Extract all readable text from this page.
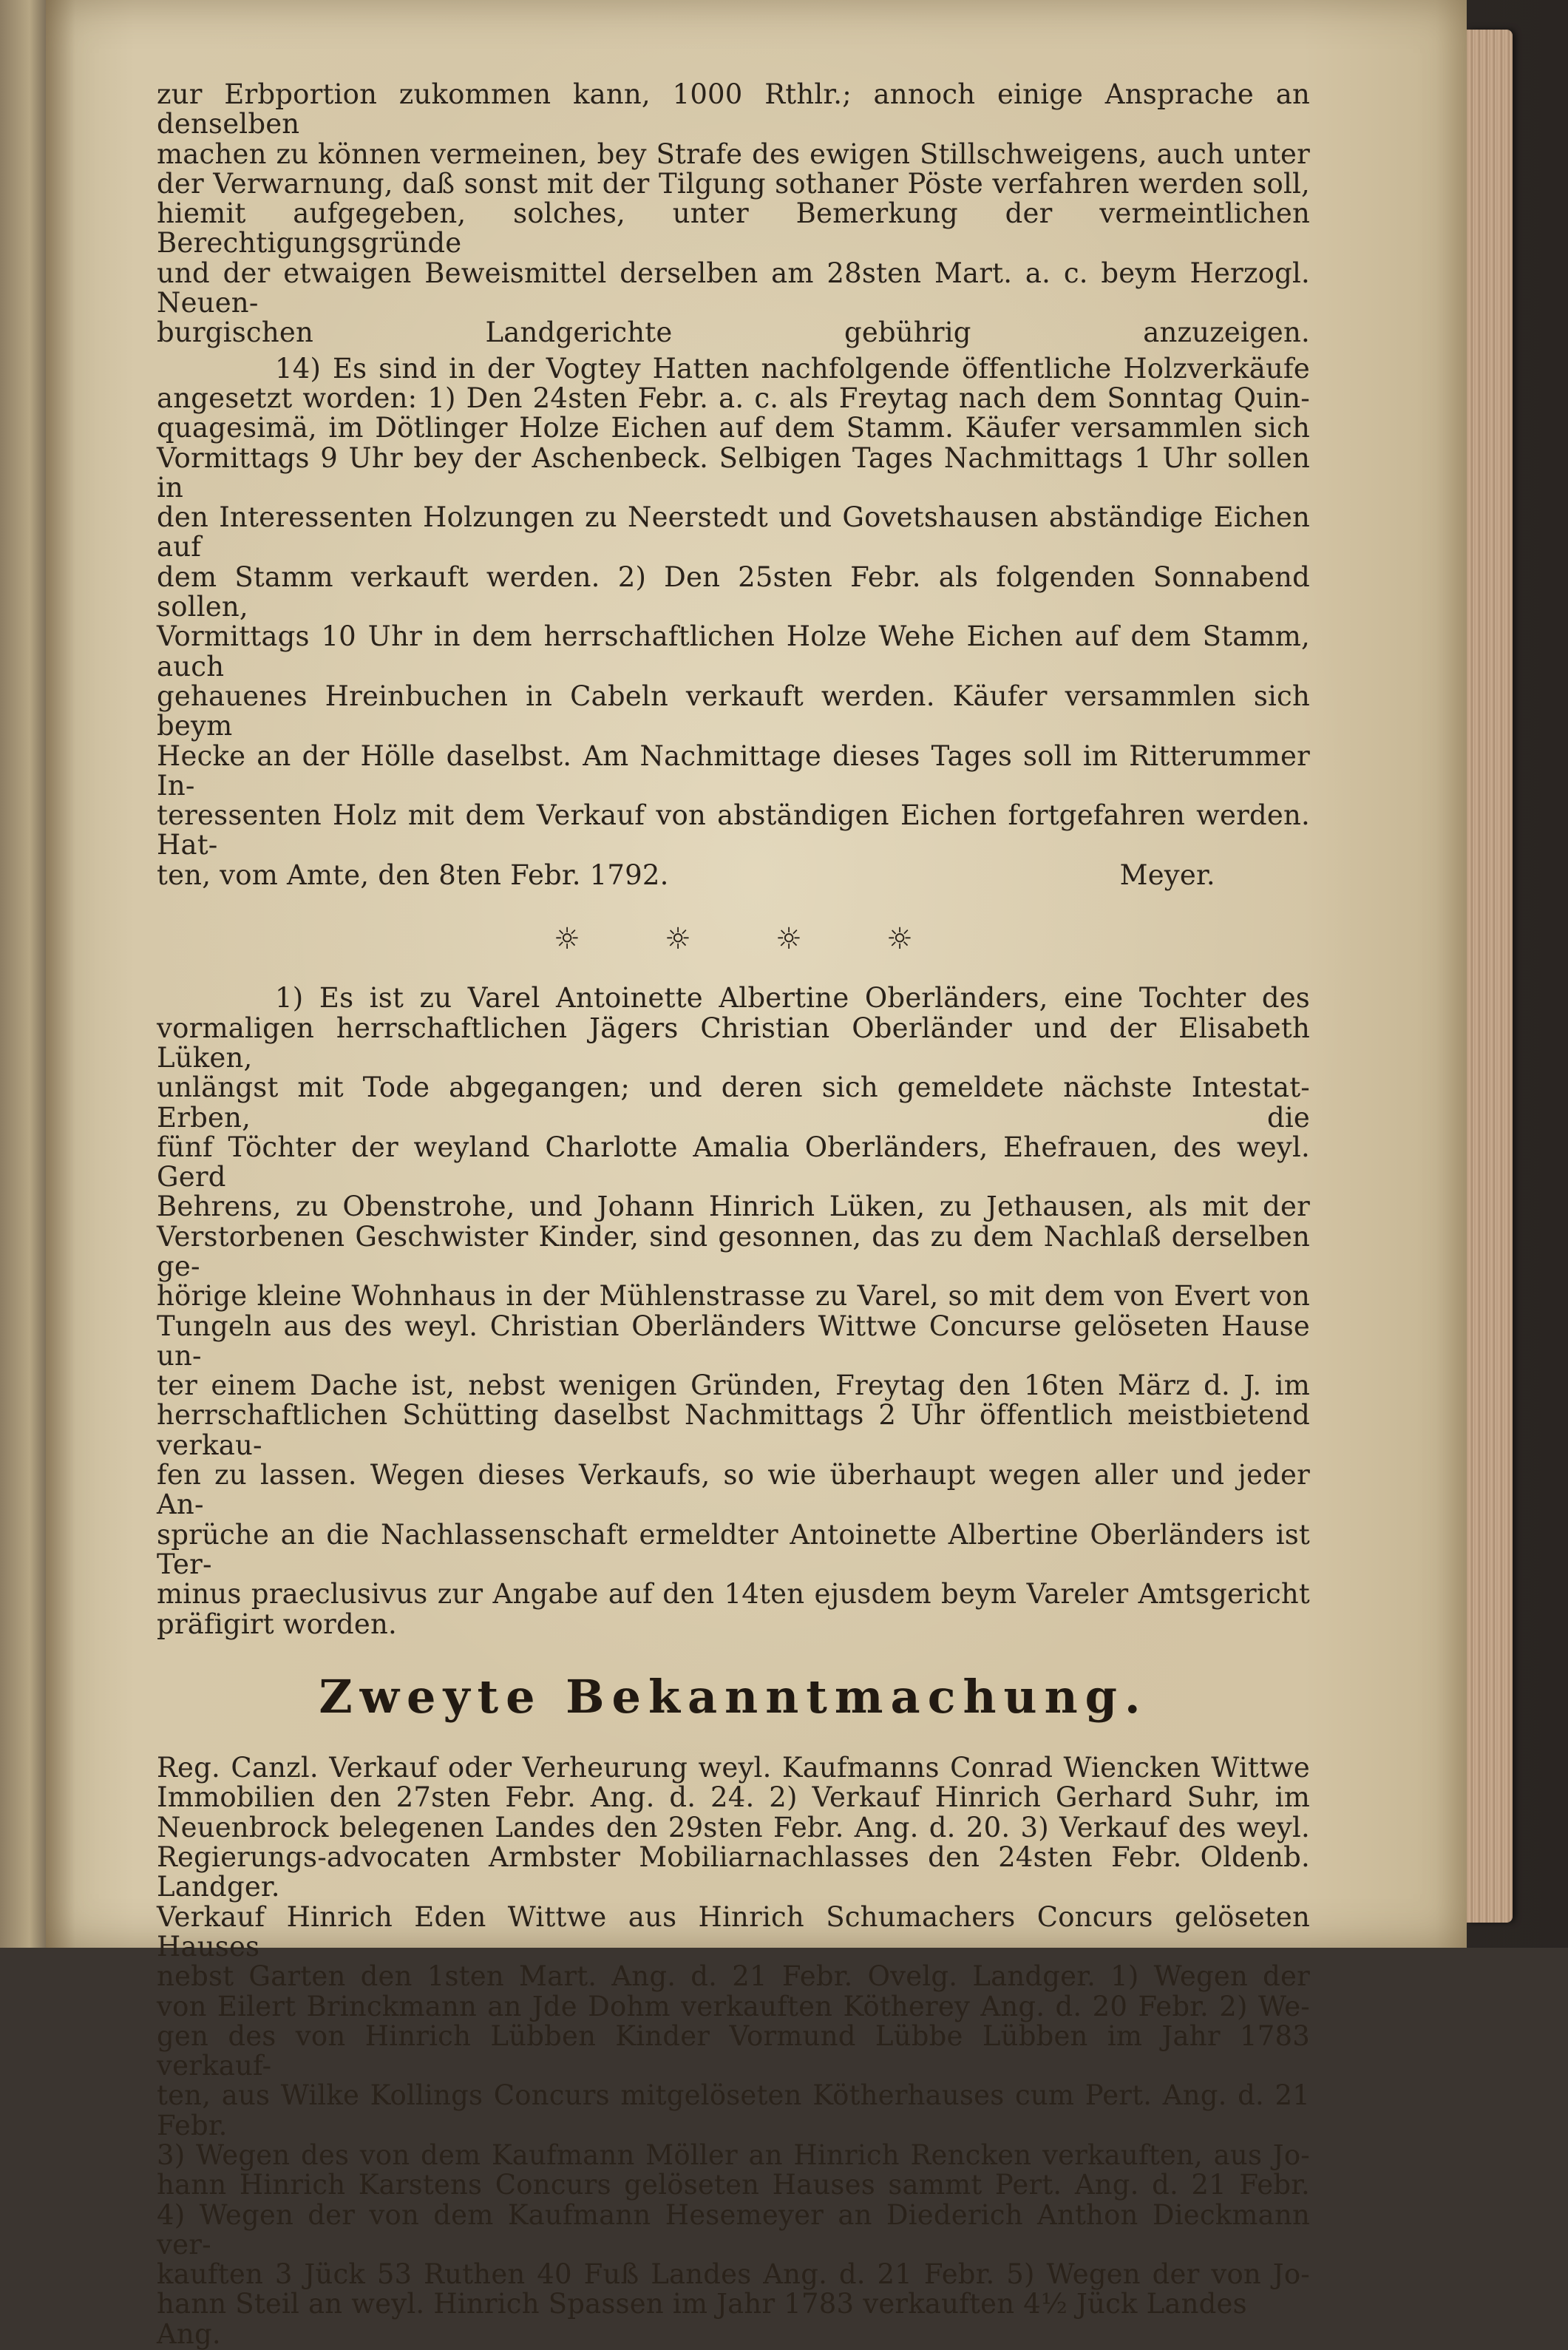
zur Erbportion zukommen kann, 1000 Rthlr.; annoch einige Ansprache an denselben

machen zu können vermeinen, bey Strafe des ewigen Stillschweigens, auch unter

der Verwarnung, daß sonst mit der Tilgung sothaner Pöste verfahren werden soll,

hiemit aufgegeben, solches, unter Bemerkung der vermeintlichen Berechtigungsgründe

und der etwaigen Beweismittel derselben am 28sten Mart. a. c. beym Herzogl. Neuen-

burgischen Landgerichte gebührig anzuzeigen.

14) Es sind in der Vogtey Hatten nachfolgende öffentliche Holzverkäufe

angesetzt worden: 1) Den 24sten Febr. a. c. als Freytag nach dem Sonntag Quin-

quagesimä, im Dötlinger Holze Eichen auf dem Stamm. Käufer versammlen sich

Vormittags 9 Uhr bey der Aschenbeck. Selbigen Tages Nachmittags 1 Uhr sollen in

den Interessenten Holzungen zu Neerstedt und Govetshausen abständige Eichen auf

dem Stamm verkauft werden. 2) Den 25sten Febr. als folgenden Sonnabend sollen,

Vormittags 10 Uhr in dem herrschaftlichen Holze Wehe Eichen auf dem Stamm, auch

gehauenes Hreinbuchen in Cabeln verkauft werden. Käufer versammlen sich beym

Hecke an der Hölle daselbst. Am Nachmittage dieses Tages soll im Ritterummer In-

teressenten Holz mit dem Verkauf von abständigen Eichen fortgefahren werden. Hat-

ten, vom Amte, den 8ten Febr. 1792.                                                   Meyer.

☼	☼	☼	☼

1) Es ist zu Varel Antoinette Albertine Oberländers, eine Tochter des

vormaligen herrschaftlichen Jägers Christian Oberländer und der Elisabeth Lüken,

unlängst mit Tode abgegangen; und deren sich gemeldete nächste Intestat-Erben, die

fünf Töchter der weyland Charlotte Amalia Oberländers, Ehefrauen, des weyl. Gerd

Behrens, zu Obenstrohe, und Johann Hinrich Lüken, zu Jethausen, als mit der

Verstorbenen Geschwister Kinder, sind gesonnen, das zu dem Nachlaß derselben ge-

hörige kleine Wohnhaus in der Mühlenstrasse zu Varel, so mit dem von Evert von

Tungeln aus des weyl. Christian Oberländers Wittwe Concurse gelöseten Hause un-

ter einem Dache ist, nebst wenigen Gründen, Freytag den 16ten März d. J. im

herrschaftlichen Schütting daselbst Nachmittags 2 Uhr öffentlich meistbietend verkau-

fen zu lassen. Wegen dieses Verkaufs, so wie überhaupt wegen aller und jeder An-

sprüche an die Nachlassenschaft ermeldter Antoinette Albertine Oberländers ist Ter-

minus praeclusivus zur Angabe auf den 14ten ejusdem beym Vareler Amtsgericht

präfigirt worden.

Zweyte Bekanntmachung.

Reg. Canzl. Verkauf oder Verheurung weyl. Kaufmanns Conrad Wiencken Wittwe

Immobilien den 27sten Febr. Ang. d. 24. 2) Verkauf Hinrich Gerhard Suhr, im

Neuenbrock belegenen Landes den 29sten Febr. Ang. d. 20. 3) Verkauf des weyl.

Regierungs-advocaten Armbster Mobiliarnachlasses den 24sten Febr. Oldenb. Landger.

Verkauf Hinrich Eden Wittwe aus Hinrich Schumachers Concurs gelöseten Hauses

nebst Garten den 1sten Mart. Ang. d. 21 Febr. Ovelg. Landger. 1) Wegen der

von Eilert Brinckmann an Jde Dohm verkauften Kötherey Ang. d. 20 Febr. 2) We-

gen des von Hinrich Lübben Kinder Vormund Lübbe Lübben im Jahr 1783 verkauf-

ten, aus Wilke Kollings Concurs mitgelöseten Kötherhauses cum Pert. Ang. d. 21 Febr.

3) Wegen des von dem Kaufmann Möller an Hinrich Rencken verkauften, aus Jo-

hann Hinrich Karstens Concurs gelöseten Hauses sammt Pert. Ang. d. 21 Febr.

4) Wegen der von dem Kaufmann Hesemeyer an Diederich Anthon Dieckmann ver-

kauften 3 Jück 53 Ruthen 40 Fuß Landes Ang. d. 21 Febr. 5) Wegen der von Jo-

hann Steil an weyl. Hinrich Spassen im Jahr 1783 verkauften 4½ Jück Landes Ang.
